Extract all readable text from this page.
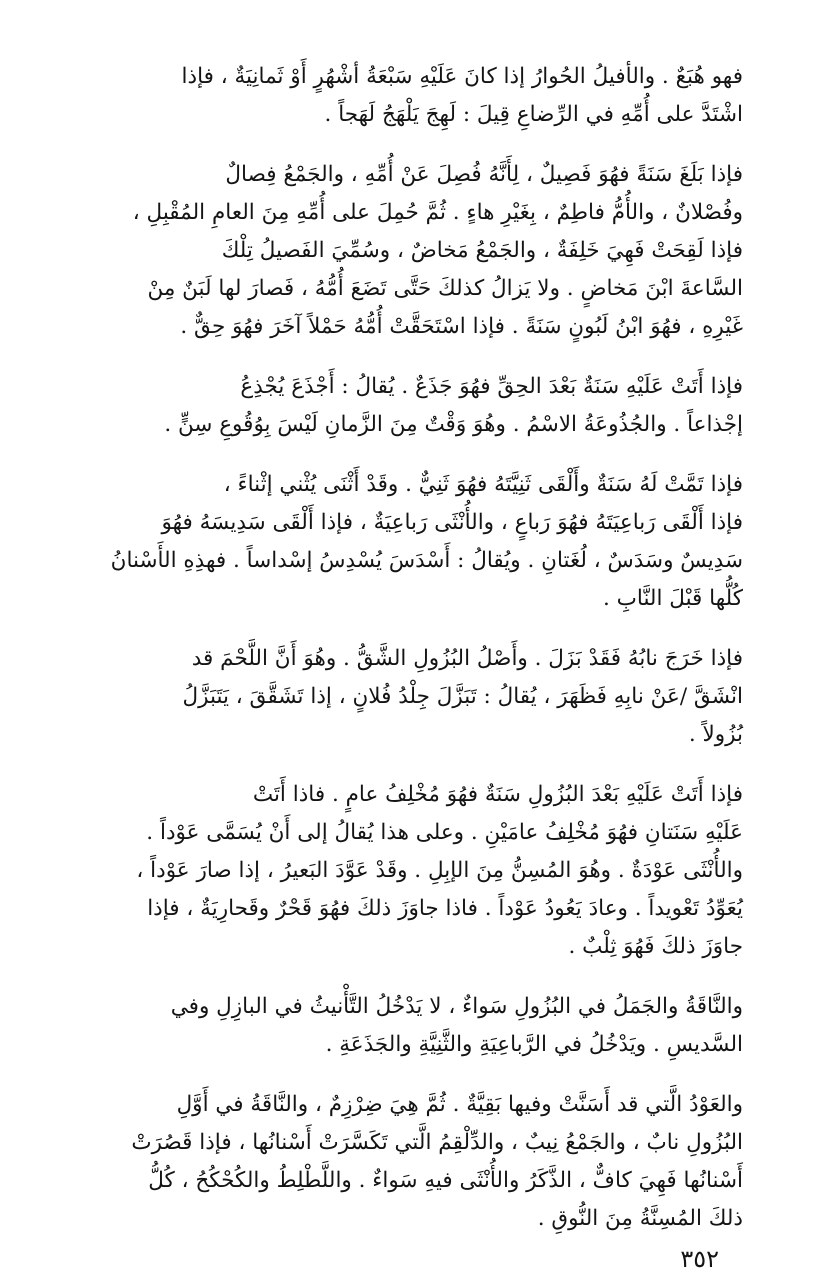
فهو هُبَعٌ . والأفيلُ الحُوارُ إذا كانَ عَلَيْهِ سَبْعَةُ أشْهُرٍ أَوْ ثَمانِيَةٌ ، فإذا
اشْتَدَّ على أُمِّهِ في الرِّضاعِ قِيلَ : لَهِجَ يَلْهَجُ لَهَجاً .

فإذا بَلَغَ سَنَةً فهُوَ فَصِيلٌ ، لِأَنَّهُ فُصِلَ عَنْ أُمِّهِ ، والجَمْعُ فِصالٌ
وفُصْلانٌ ، والأُمُّ فاطِمٌ ، بِغَيْرِ هاءٍ . ثُمَّ حُمِلَ على أُمِّهِ مِنَ العامِ المُقْبِلِ ،
فإذا لَقِحَتْ فَهِيَ خَلِفَةٌ ، والجَمْعُ مَخاضٌ ، وسُمِّيَ الفَصيلُ تِلْكَ
السَّاعةَ ابْنَ مَخاضٍ . ولا يَزالُ كذلكَ حَتَّى تَضَعَ أُمُّهُ ، فَصارَ لها لَبَنٌ مِنْ
غَيْرِهِ ، فهُوَ ابْنُ لَبُونٍ سَنَةً . فإذا اسْتَحَقَّتْ أُمُّهُ حَمْلاً آخَرَ فهُوَ حِقٌّ .

فإذا أَتَتْ عَلَيْهِ سَنَةٌ بَعْدَ الحِقِّ فهُوَ جَذَعٌ . يُقالُ : أَجْذَعَ يُجْذِعُ
إجْذاعاً . والجُذُوعَةُ الاسْمُ . وهُوَ وَقْتٌ مِنَ الزَّمانِ لَيْسَ بِوُقُوعِ سِنٍّ .

فإذا تَمَّتْ لَهُ سَنَةٌ وأَلْقَى ثَنِيَّتَهُ فهُوَ ثَنِيٌّ . وقَدْ أَثْنَى يُثْني إثْناءً ،
فإذا أَلْقَى رَباعِيَتَهُ فهُوَ رَباعٍ ، والأُنْثَى رَباعِيَةٌ ، فإذا أَلْقَى سَدِيسَهُ فهُوَ
سَدِيسٌ وسَدَسٌ ، لُغَتانِ . ويُقالُ : أَسْدَسَ يُسْدِسُ إسْداساً . فهذِهِ الأَسْنانُ
كُلُّها قَبْلَ النَّابِ .

فإذا خَرَجَ نابُهُ فَقَدْ بَزَلَ . وأَصْلُ البُزُولِ الشَّقُّ . وهُوَ أَنَّ اللَّحْمَ قد
انْشَقَّ /عَنْ نابِهِ فَظَهَرَ ، يُقالُ : تَبَزَّلَ جِلْدُ فُلانٍ ، إذا تَشَقَّقَ ، يَتَبَزَّلُ
بُزُولاً .

فإذا أَتَتْ عَلَيْهِ بَعْدَ البُزُولِ سَنَةٌ فهُوَ مُخْلِفُ عامٍ . فاذا أَتَتْ
عَلَيْهِ سَنَتانِ فهُوَ مُخْلِفُ عامَيْنِ . وعلى هذا يُقالُ إلى أَنْ يُسَمَّى عَوْداً .
والأُنْثَى عَوْدَةٌ . وهُوَ المُسِنُّ مِنَ الإبِلِ . وقَدْ عَوَّدَ البَعيرُ ، إذا صارَ عَوْداً ،
يُعَوِّدُ تَعْويداً . وعادَ يَعُودُ عَوْداً . فاذا جاوَزَ ذلكَ فهُوَ قَحْرٌ وقَحارِيَةٌ ، فإذا
جاوَزَ ذلكَ فَهُوَ ثِلْبٌ .

والنَّاقَةُ والجَمَلُ في البُزُولِ سَواءٌ ، لا يَدْخُلُ التَّأْنيثُ في البازِلِ وفي
السَّديسِ . ويَدْخُلُ في الرَّباعِيَةِ والثَّنِيَّةِ والجَذَعَةِ .

والعَوْدُ الَّتي قد أَسَنَّتْ وفيها بَقِيَّةٌ . ثُمَّ هِيَ ضِرْزِمٌ ، والنَّاقَةُ في أَوَّلِ
البُزُولِ نابٌ ، والجَمْعُ نِيبٌ ، والدِّلْقِمُ الَّتي تَكَسَّرَتْ أَسْنانُها ، فإذا قَصُرَتْ
أَسْنانُها فَهِيَ كافٌّ ، الذَّكَرُ والأُنْثَى فيهِ سَواءٌ . واللَّطْلِطُ والكُحْكُحُ ، كُلُّ
ذلكَ المُسِنَّةُ مِنَ النُّوقِ .

٣٥٢
